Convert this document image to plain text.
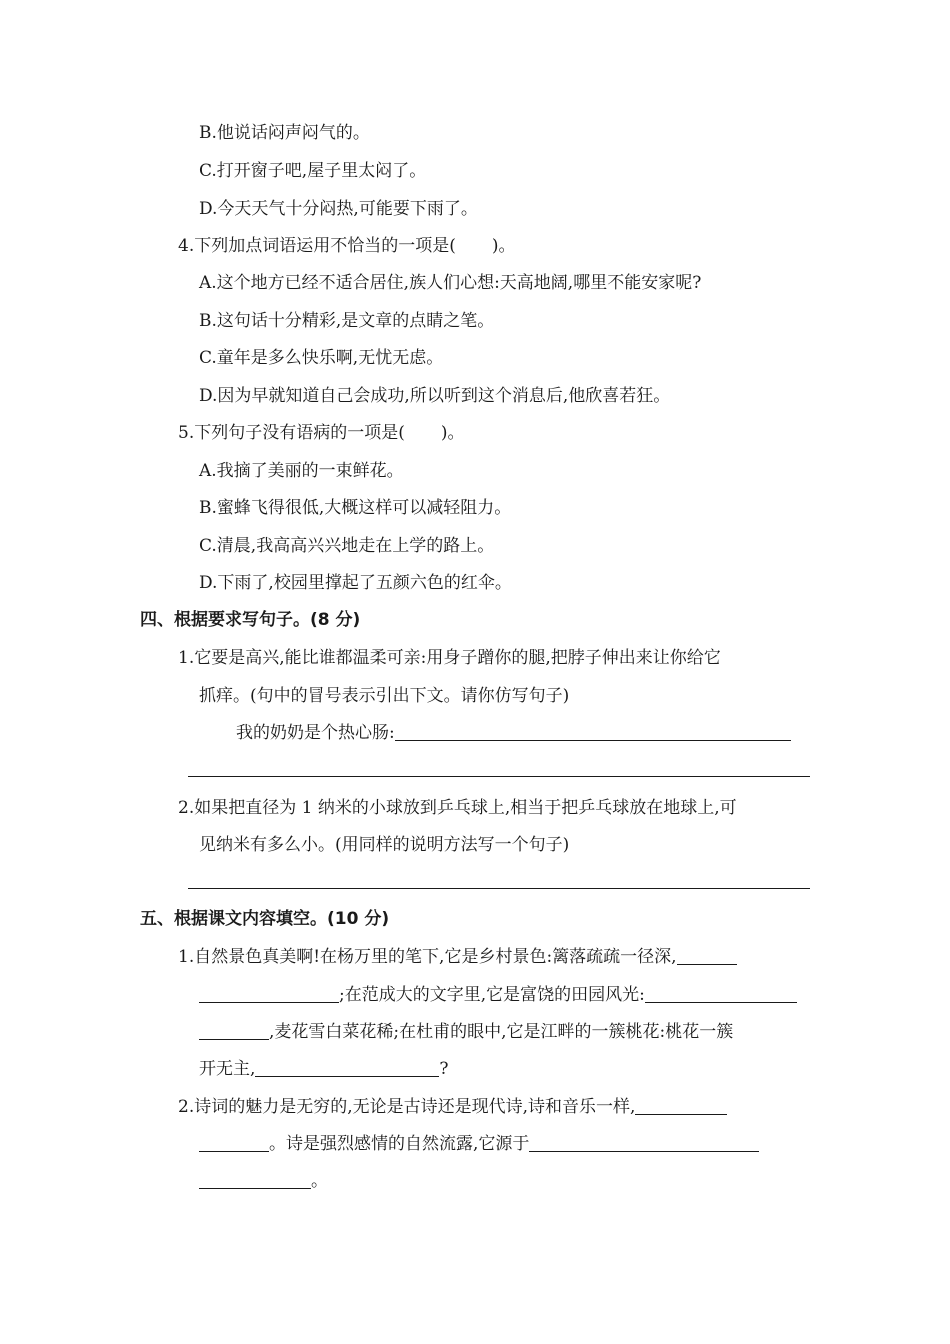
B.他说话闷声闷气的。
C.打开窗子吧,屋子里太闷了。
D.今天天气十分闷热,可能要下雨了。
4.下列加点词语运用不恰当的一项是( )。
A.这个地方已经不适合居住,族人们心想:天高地阔,哪里不能安家呢?
B.这句话十分精彩,是文章的点睛之笔。
C.童年是多么快乐啊,无忧无虑。
D.因为早就知道自己会成功,所以听到这个消息后,他欣喜若狂。
5.下列句子没有语病的一项是( )。
A.我摘了美丽的一束鲜花。
B.蜜蜂飞得很低,大概这样可以减轻阻力。
C.清晨,我高高兴兴地走在上学的路上。
D.下雨了,校园里撑起了五颜六色的红伞。
四、根据要求写句子。(8 分)
1.它要是高兴,能比谁都温柔可亲:用身子蹭你的腿,把脖子伸出来让你给它
抓痒。(句中的冒号表示引出下文。请你仿写句子)
我的奶奶是个热心肠:
2.如果把直径为 1 纳米的小球放到乒乓球上,相当于把乒乓球放在地球上,可
见纳米有多么小。(用同样的说明方法写一个句子)
五、根据课文内容填空。(10 分)
1.自然景色真美啊!在杨万里的笔下,它是乡村景色:篱落疏疏一径深,
;在范成大的文字里,它是富饶的田园风光:
,麦花雪白菜花稀;在杜甫的眼中,它是江畔的一簇桃花:桃花一簇
开无主,	?
2.诗词的魅力是无穷的,无论是古诗还是现代诗,诗和音乐一样,
。诗是强烈感情的自然流露,它源于
。
